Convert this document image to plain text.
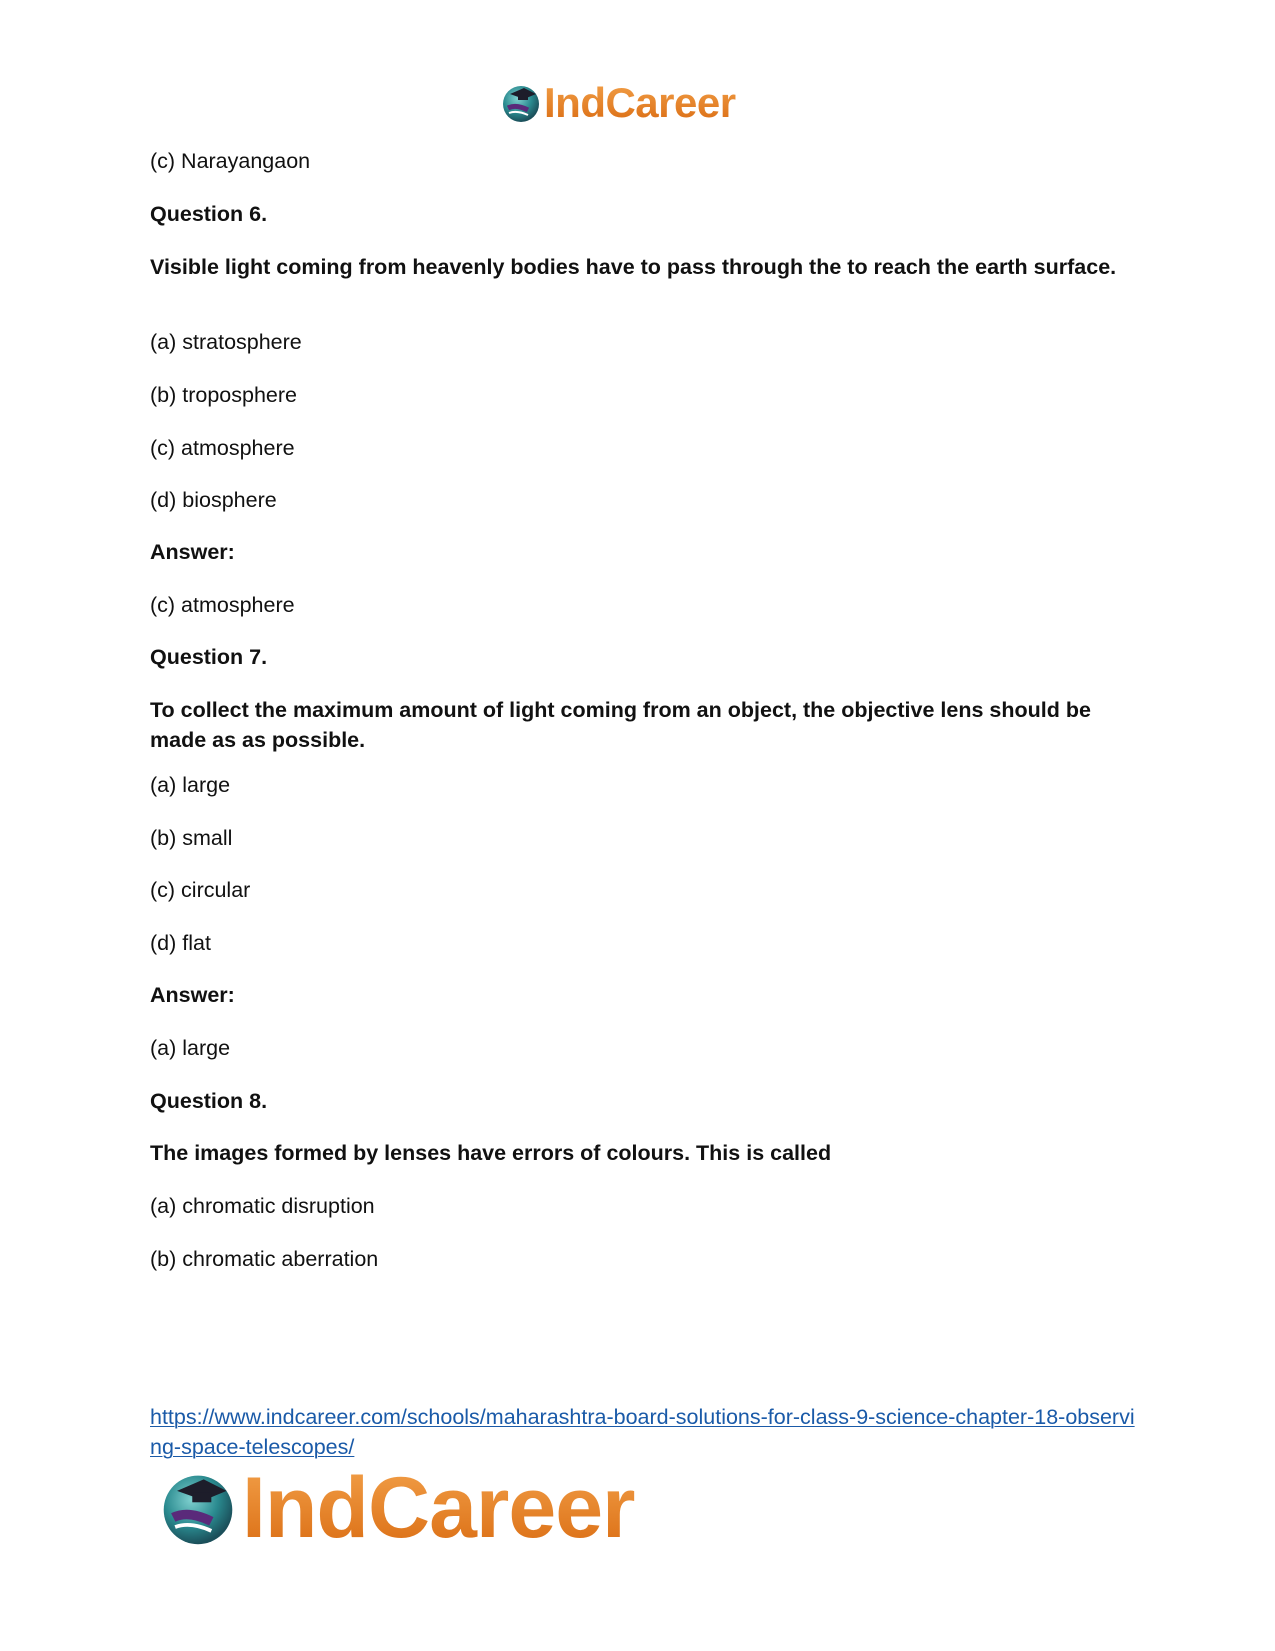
IndCareer

(c) Narayangaon

Question 6.

Visible light coming from heavenly bodies have to pass through the to reach the earth surface.

(a) stratosphere

(b) troposphere

(c) atmosphere

(d) biosphere

Answer:

(c) atmosphere

Question 7.

To collect the maximum amount of light coming from an object, the objective lens should be made as as possible.

(a) large

(b) small

(c) circular

(d) flat

Answer:

(a) large

Question 8.

The images formed by lenses have errors of colours. This is called

(a) chromatic disruption

(b) chromatic aberration

https://www.indcareer.com/schools/maharashtra-board-solutions-for-class-9-science-chapter-18-observing-space-telescopes/
IndCareer
